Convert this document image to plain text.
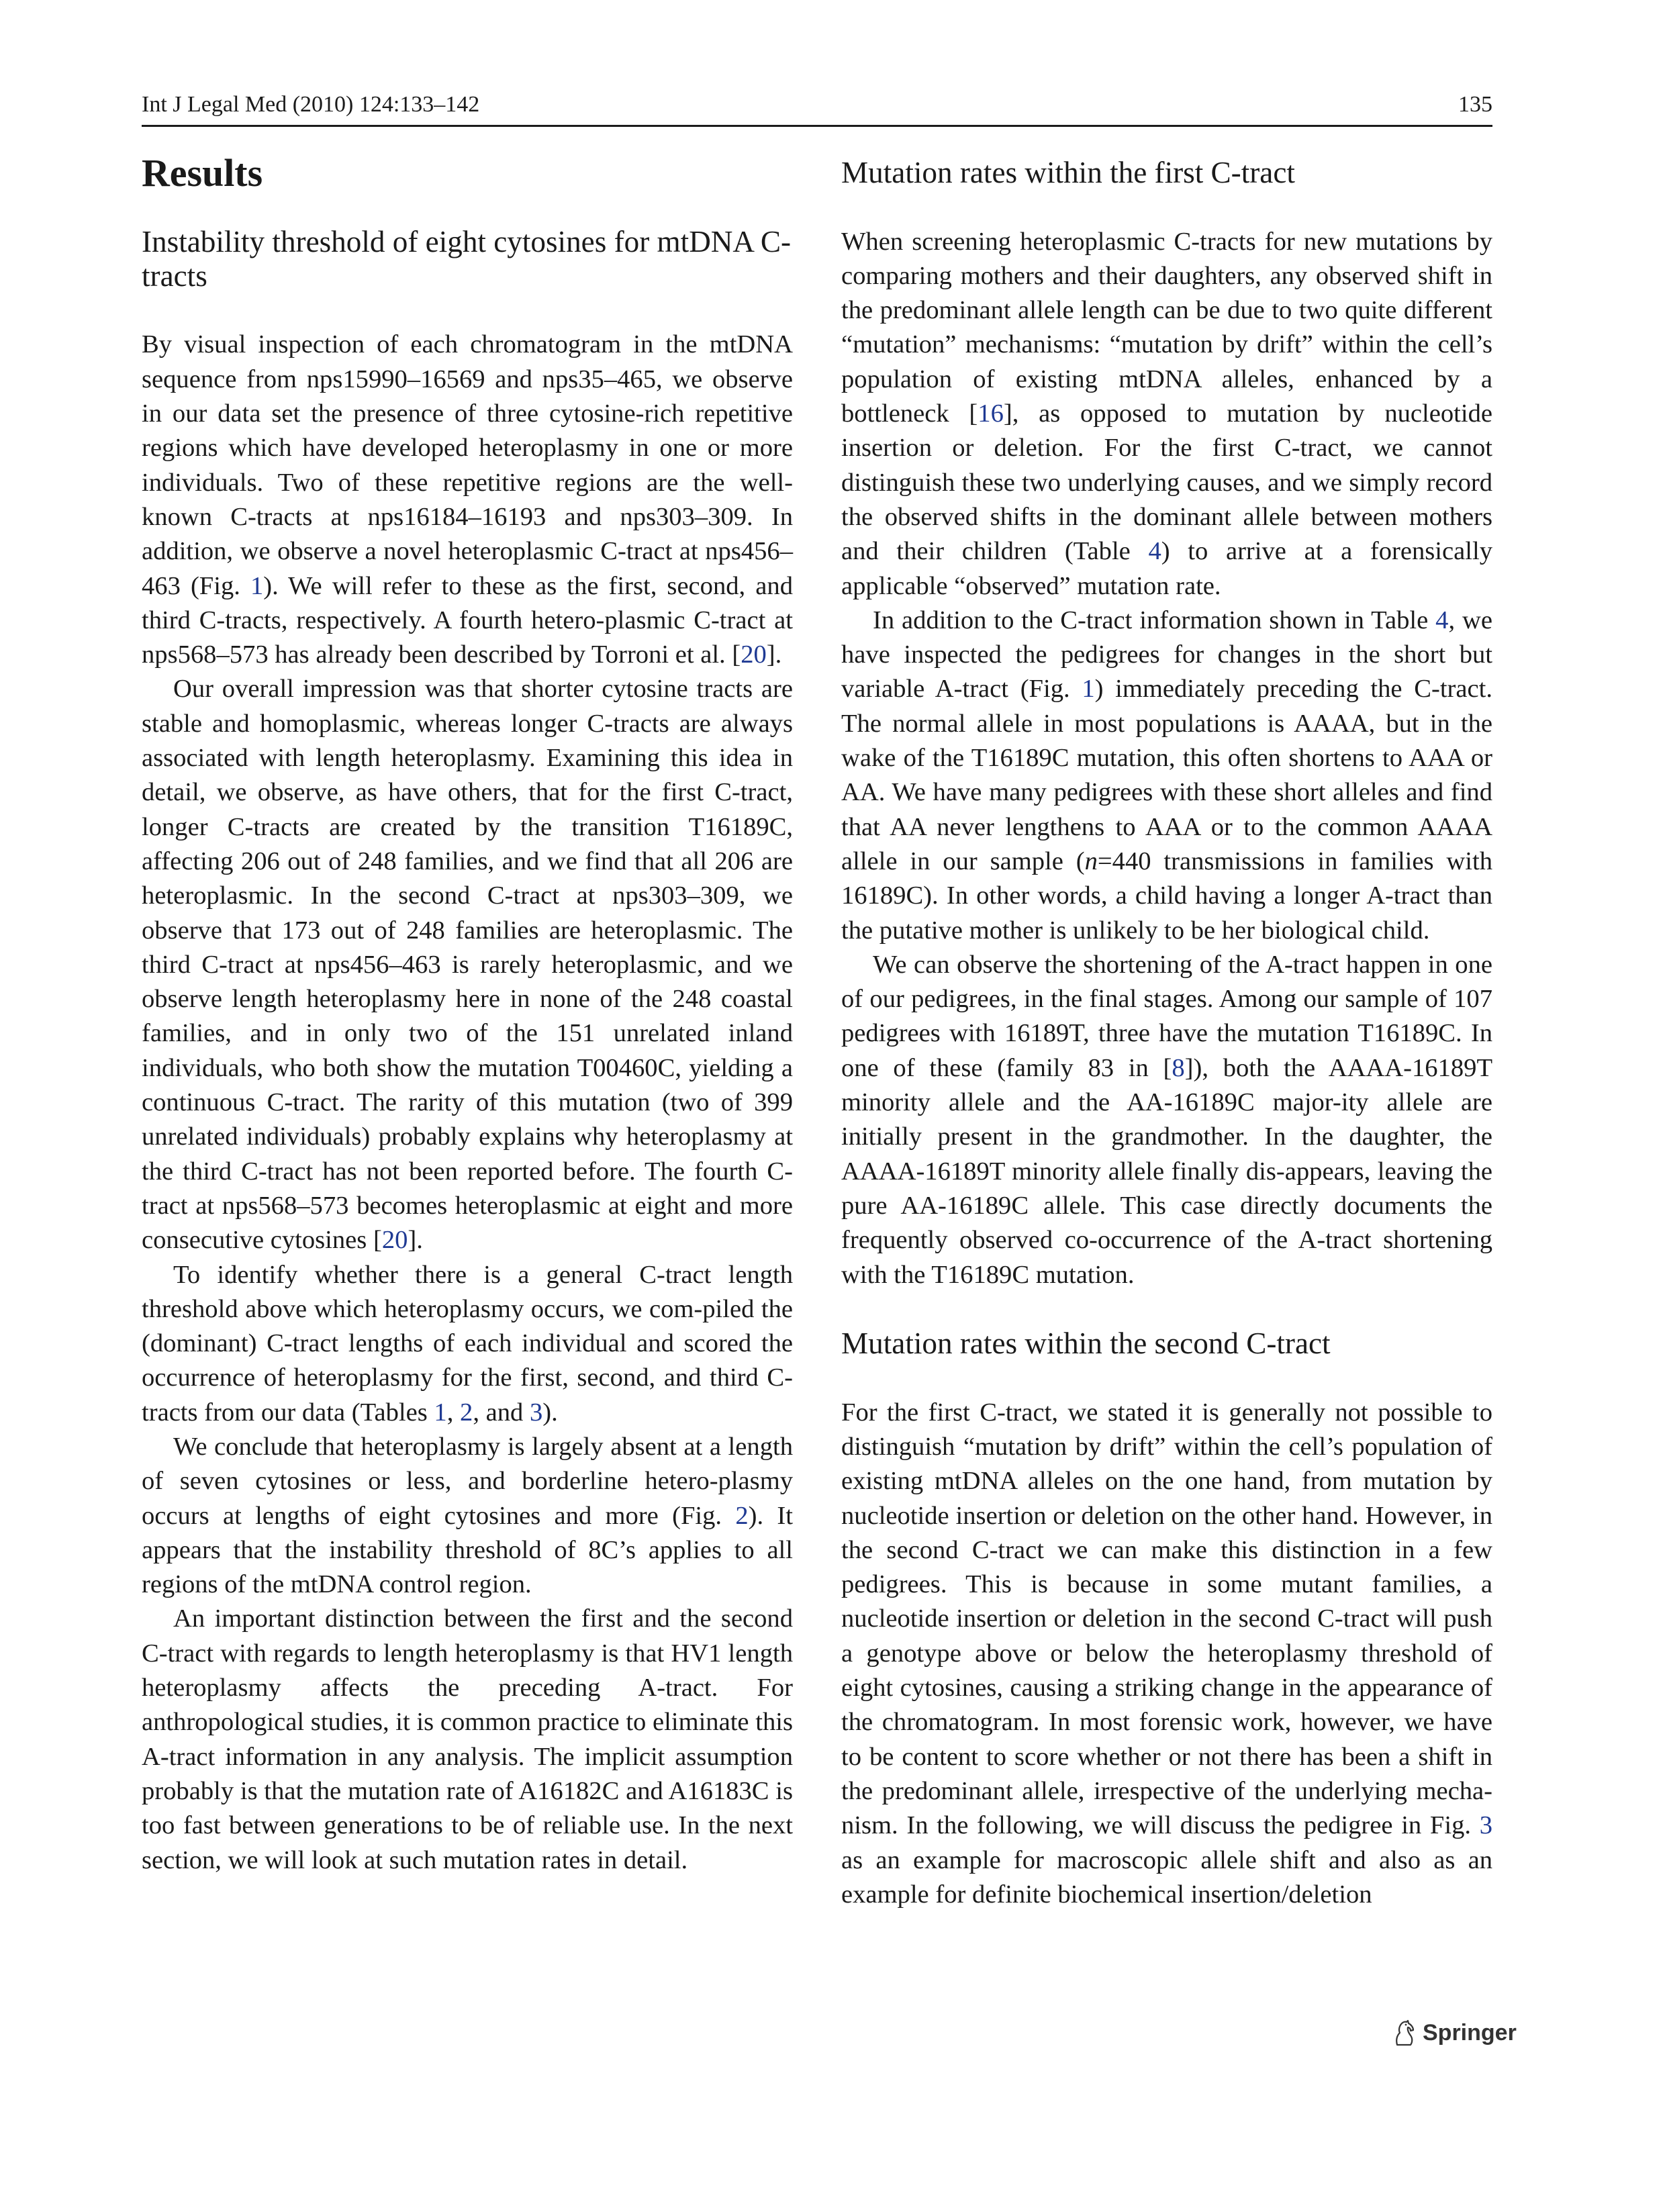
Int J Legal Med (2010) 124:133–142	135
Results
Instability threshold of eight cytosines for mtDNA C-tracts

By visual inspection of each chromatogram in the mtDNA sequence from nps15990–16569 and nps35–465, we observe in our data set the presence of three cytosine-rich repetitive regions which have developed heteroplasmy in one or more individuals. Two of these repetitive regions are the well-known C-tracts at nps16184–16193 and nps303–309. In addition, we observe a novel heteroplasmic C-tract at nps456–463 (Fig. 1). We will refer to these as the first, second, and third C-tracts, respectively. A fourth hetero-plasmic C-tract at nps568–573 has already been described by Torroni et al. [20].

Our overall impression was that shorter cytosine tracts are stable and homoplasmic, whereas longer C-tracts are always associated with length heteroplasmy. Examining this idea in detail, we observe, as have others, that for the first C-tract, longer C-tracts are created by the transition T16189C, affecting 206 out of 248 families, and we find that all 206 are heteroplasmic. In the second C-tract at nps303–309, we observe that 173 out of 248 families are heteroplasmic. The third C-tract at nps456–463 is rarely heteroplasmic, and we observe length heteroplasmy here in none of the 248 coastal families, and in only two of the 151 unrelated inland individuals, who both show the mutation T00460C, yielding a continuous C-tract. The rarity of this mutation (two of 399 unrelated individuals) probably explains why heteroplasmy at the third C-tract has not been reported before. The fourth C-tract at nps568–573 becomes heteroplasmic at eight and more consecutive cytosines [20].

To identify whether there is a general C-tract length threshold above which heteroplasmy occurs, we com-piled the (dominant) C-tract lengths of each individual and scored the occurrence of heteroplasmy for the first, second, and third C-tracts from our data (Tables 1, 2, and 3).

We conclude that heteroplasmy is largely absent at a length of seven cytosines or less, and borderline hetero-plasmy occurs at lengths of eight cytosines and more (Fig. 2). It appears that the instability threshold of 8C’s applies to all regions of the mtDNA control region.

An important distinction between the first and the second C-tract with regards to length heteroplasmy is that HV1 length heteroplasmy affects the preceding A-tract. For anthropological studies, it is common practice to eliminate this A-tract information in any analysis. The implicit assumption probably is that the mutation rate of A16182C and A16183C is too fast between generations to be of reliable use. In the next section, we will look at such mutation rates in detail.

Mutation rates within the first C-tract

When screening heteroplasmic C-tracts for new mutations by comparing mothers and their daughters, any observed shift in the predominant allele length can be due to two quite different “mutation” mechanisms: “mutation by drift” within the cell’s population of existing mtDNA alleles, enhanced by a bottleneck [16], as opposed to mutation by nucleotide insertion or deletion. For the first C-tract, we cannot distinguish these two underlying causes, and we simply record the observed shifts in the dominant allele between mothers and their children (Table 4) to arrive at a forensically applicable “observed” mutation rate.

In addition to the C-tract information shown in Table 4, we have inspected the pedigrees for changes in the short but variable A-tract (Fig. 1) immediately preceding the C-tract. The normal allele in most populations is AAAA, but in the wake of the T16189C mutation, this often shortens to AAA or AA. We have many pedigrees with these short alleles and find that AA never lengthens to AAA or to the common AAAA allele in our sample (n=440 transmissions in families with 16189C). In other words, a child having a longer A-tract than the putative mother is unlikely to be her biological child.

We can observe the shortening of the A-tract happen in one of our pedigrees, in the final stages. Among our sample of 107 pedigrees with 16189T, three have the mutation T16189C. In one of these (family 83 in [8]), both the AAAA-16189T minority allele and the AA-16189C major-ity allele are initially present in the grandmother. In the daughter, the AAAA-16189T minority allele finally dis-appears, leaving the pure AA-16189C allele. This case directly documents the frequently observed co-occurrence of the A-tract shortening with the T16189C mutation.

Mutation rates within the second C-tract

For the first C-tract, we stated it is generally not possible to distinguish “mutation by drift” within the cell’s population of existing mtDNA alleles on the one hand, from mutation by nucleotide insertion or deletion on the other hand. However, in the second C-tract we can make this distinction in a few pedigrees. This is because in some mutant families, a nucleotide insertion or deletion in the second C-tract will push a genotype above or below the heteroplasmy threshold of eight cytosines, causing a striking change in the appearance of the chromatogram. In most forensic work, however, we have to be content to score whether or not there has been a shift in the predominant allele, irrespective of the underlying mecha-nism. In the following, we will discuss the pedigree in Fig. 3 as an example for macroscopic allele shift and also as an example for definite biochemical insertion/deletion

Springer
